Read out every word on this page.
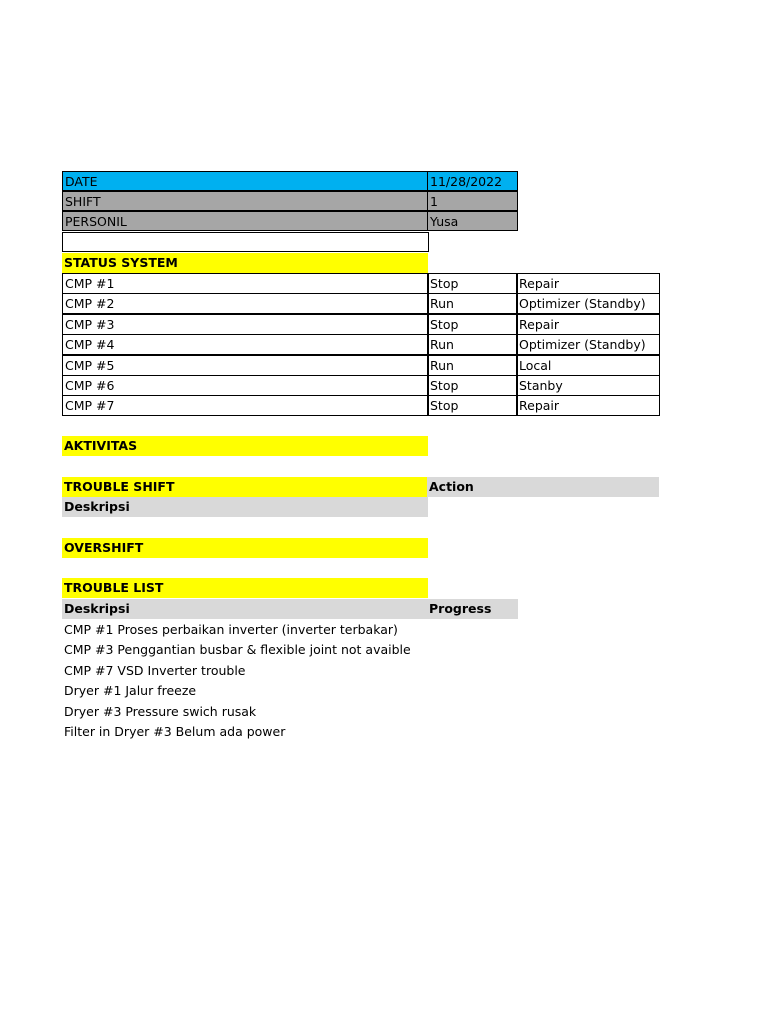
DATE	11/28/2022
SHIFT	1
PERSONIL	Yusa
STATUS SYSTEM
CMP #1	Stop	Repair
CMP #2	Run	Optimizer (Standby)
CMP #3	Stop	Repair
CMP #4	Run	Optimizer (Standby)
CMP #5	Run	Local
CMP #6	Stop	Stanby
CMP #7	Stop	Repair
AKTIVITAS
TROUBLE SHIFT	Action
Deskripsi
OVERSHIFT
TROUBLE LIST
Deskripsi	Progress
CMP #1 Proses perbaikan inverter (inverter terbakar)
CMP #3 Penggantian busbar & flexible joint not avaible
CMP #7 VSD Inverter trouble
Dryer #1 Jalur freeze
Dryer #3 Pressure swich rusak
Filter in Dryer #3 Belum ada power
